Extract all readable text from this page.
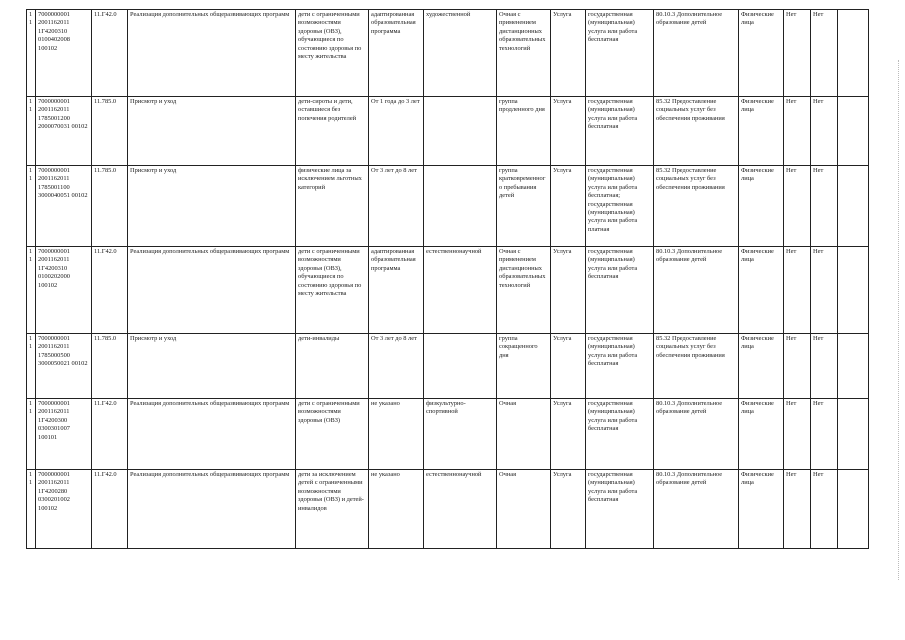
11	7000000001 2001162011 1Г4200310 0100402008 100102	11.Г42.0	Реализация дополнительных общеразвивающих программ	дети с ограниченными возможностями здоровья (ОВЗ), обучающиеся по состоянию здоровья по месту жительства	адаптированная образовательная программа	художественной	Очная с применением дистанционных образовательных технологий	Услуга	государственная (муниципальная) услуга или работа бесплатная	80.10.3 Дополнительное образование детей	Физические лица	Нет	Нет	
11	7000000001 2001162011 1785001200 2000070031 00102	11.785.0	Присмотр и уход	дети-сироты и дети, оставшиеся без попечения родителей	От 1 года до 3 лет		группа продленного дня	Услуга	государственная (муниципальная) услуга или работа бесплатная	85.32 Предоставление социальных услуг без обеспечения проживания	Физические лица	Нет	Нет	
11	7000000001 2001162011 1785001100 3000040051 00102	11.785.0	Присмотр и уход	физические лица за исключением льготных категорий	От 3 лет до 8 лет		группа кратковременного пребывания детей	Услуга	государственная (муниципальная) услуга или работа бесплатная; государственная (муниципальная) услуга или работа платная	85.32 Предоставление социальных услуг без обеспечения проживания	Физические лица	Нет	Нет	
11	7000000001 2001162011 1Г4200310 0100202000 100102	11.Г42.0	Реализация дополнительных общеразвивающих программ	дети с ограниченными возможностями здоровья (ОВЗ), обучающиеся по состоянию здоровья по месту жительства	адаптированная образовательная программа	естественнонаучной	Очная с применением дистанционных образовательных технологий	Услуга	государственная (муниципальная) услуга или работа бесплатная	80.10.3 Дополнительное образование детей	Физические лица	Нет	Нет	
11	7000000001 2001162011 1785000500 3000050021 00102	11.785.0	Присмотр и уход	дети-инвалиды	От 3 лет до 8 лет		группа сокращенного дня	Услуга	государственная (муниципальная) услуга или работа бесплатная	85.32 Предоставление социальных услуг без обеспечения проживания	Физические лица	Нет	Нет	
11	7000000001 2001162011 1Г4200300 0300301007 100101	11.Г42.0	Реализация дополнительных общеразвивающих программ	дети с ограниченными возможностями здоровья (ОВЗ)	не указано	физкультурно-спортивной	Очная	Услуга	государственная (муниципальная) услуга или работа бесплатная	80.10.3 Дополнительное образование детей	Физические лица	Нет	Нет	
11	7000000001 2001162011 1Г4200280 0300201002 100102	11.Г42.0	Реализация дополнительных общеразвивающих программ	дети за исключением детей с ограниченными возможностями здоровья (ОВЗ) и детей-инвалидов	не указано	естественнонаучной	Очная	Услуга	государственная (муниципальная) услуга или работа бесплатная	80.10.3 Дополнительное образование детей	Физические лица	Нет	Нет	
